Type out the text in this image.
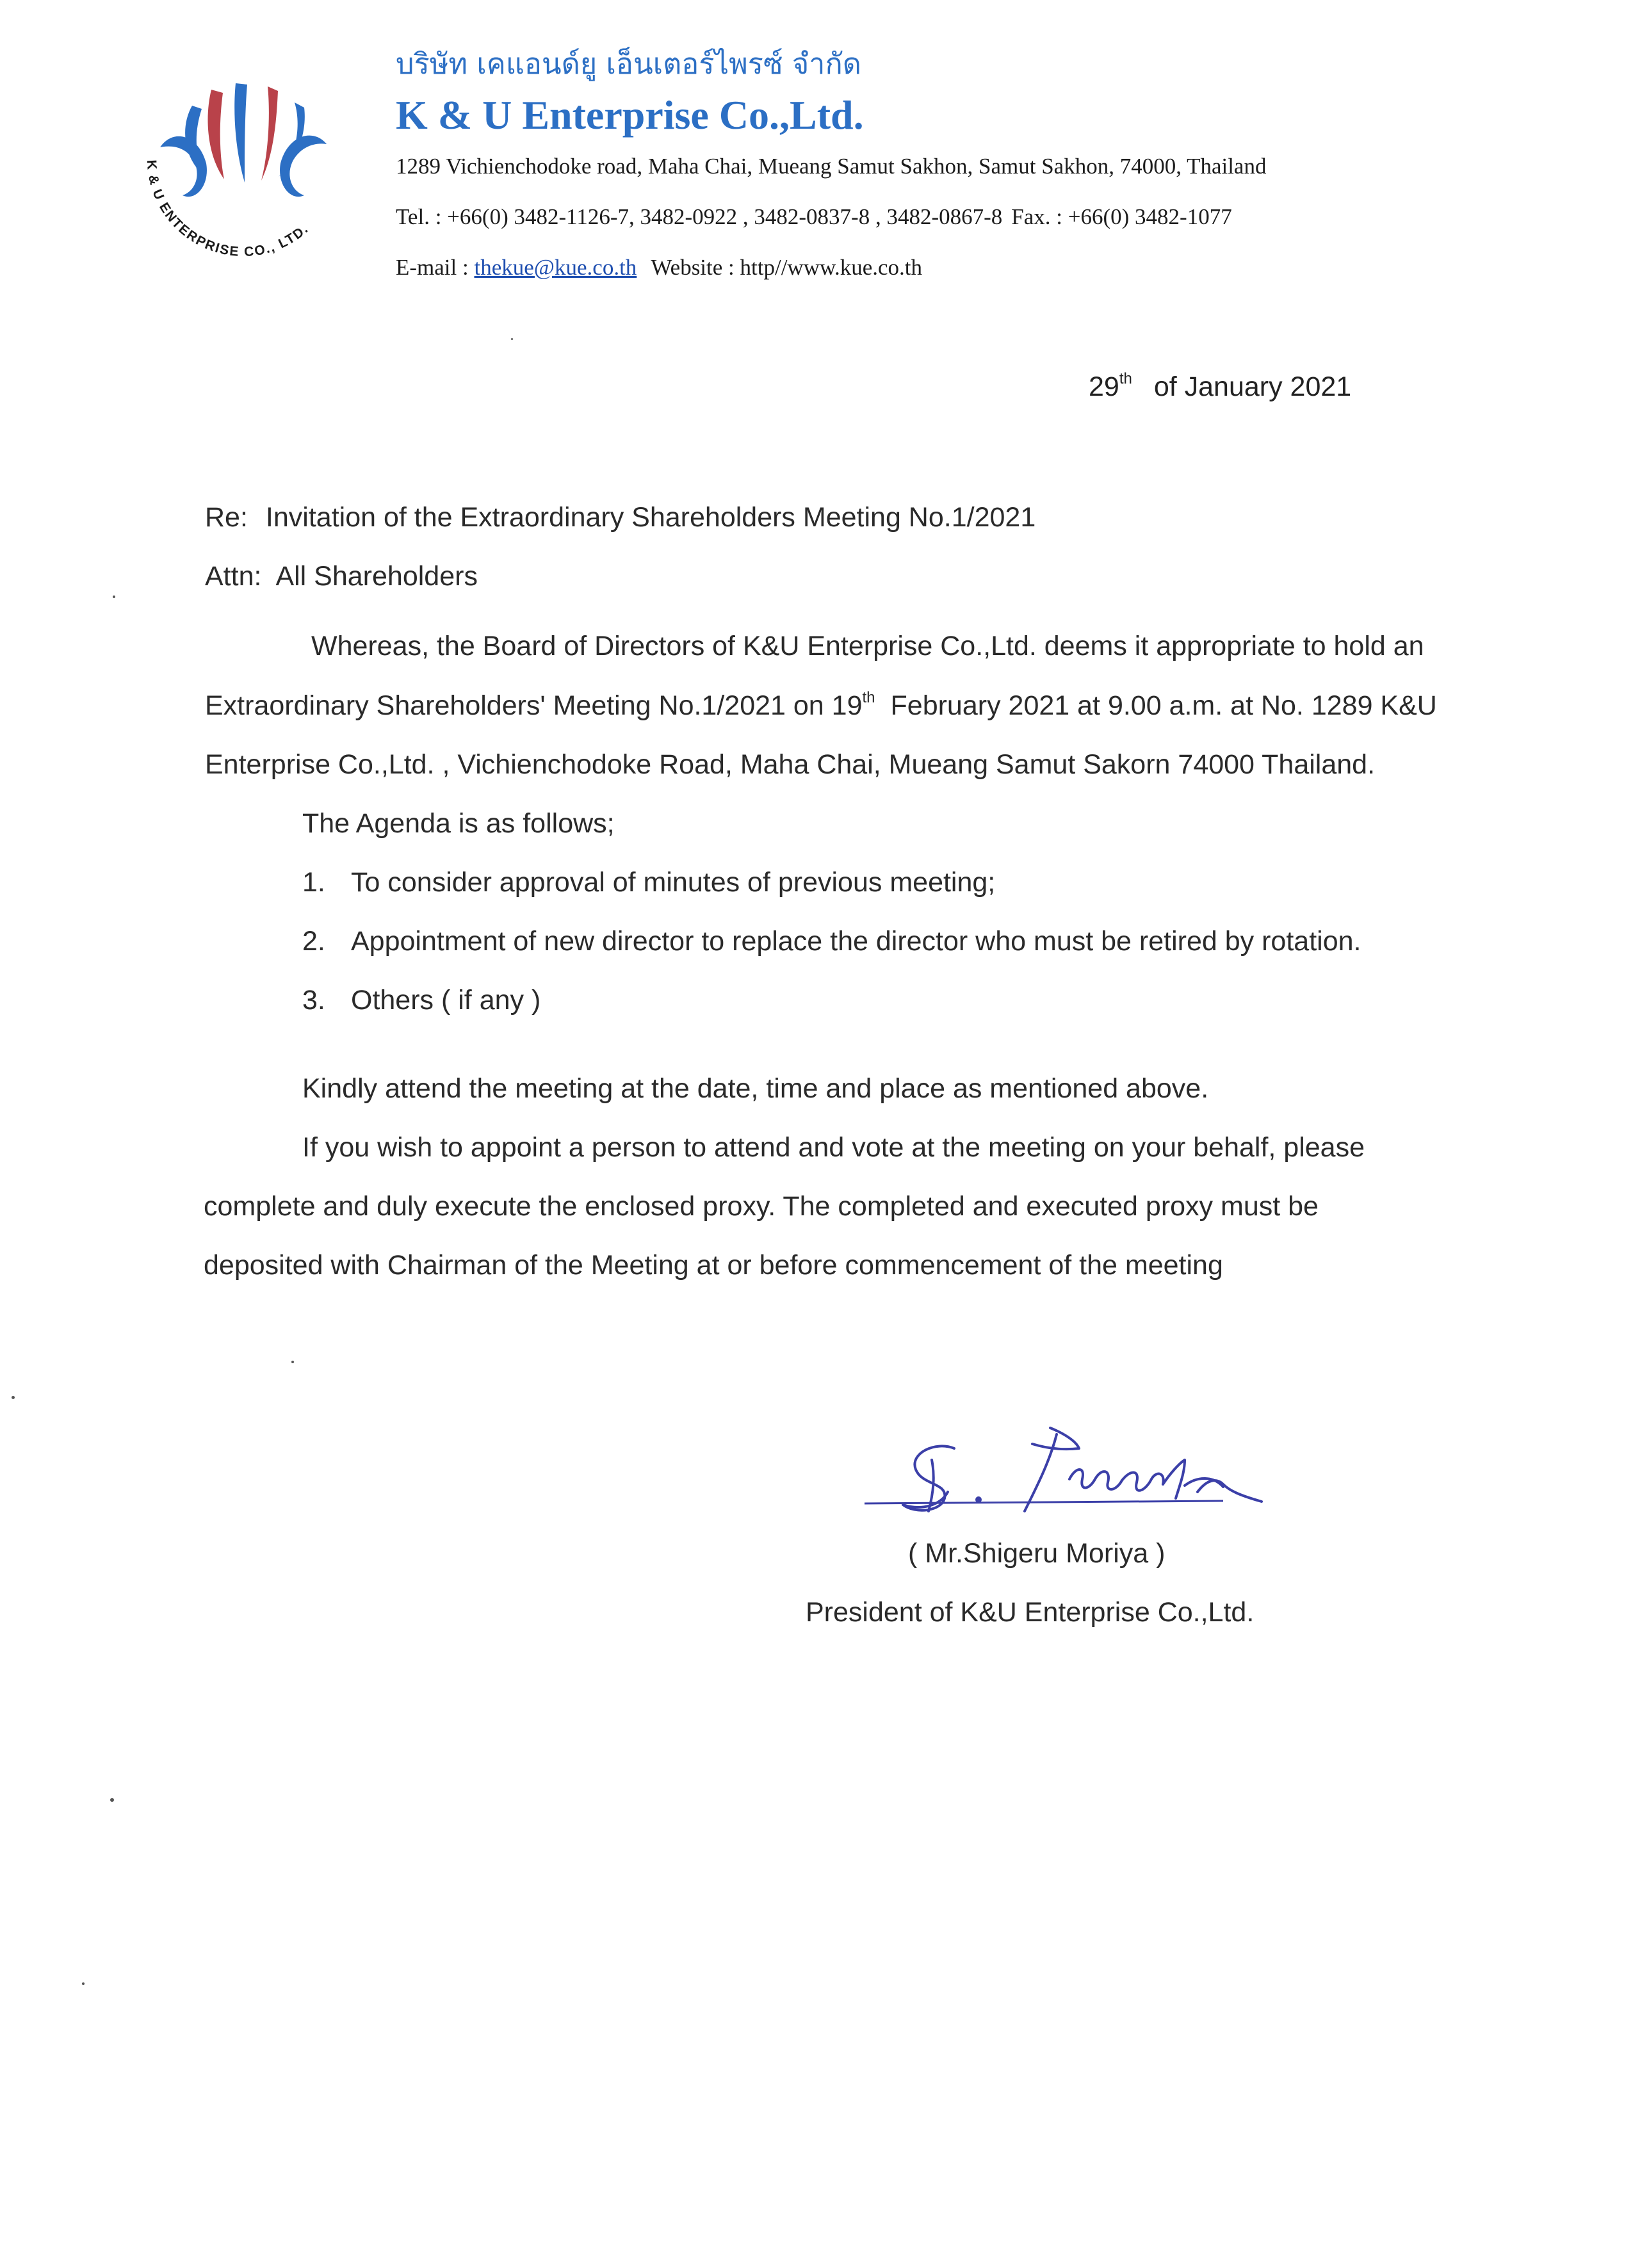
K & U ENTERPRISE CO., LTD.
บริษัท เคแอนด์ยู เอ็นเตอร์ไพรซ์ จำกัด
K & U Enterprise Co.,Ltd.
1289 Vichienchodoke road, Maha Chai, Mueang Samut Sakhon, Samut Sakhon, 74000, Thailand
Tel. : +66(0) 3482-1126-7, 3482-0922 , 3482-0837-8 , 3482-0867-8 Fax. : +66(0) 3482-1077
E-mail : thekue@kue.co.th Website : http//www.kue.co.th
29th of January 2021
Re: Invitation of the Extraordinary Shareholders Meeting No.1/2021
Attn: All Shareholders
Whereas, the Board of Directors of K&U Enterprise Co.,Ltd. deems it appropriate to hold an
Extraordinary Shareholders' Meeting No.1/2021 on 19th February 2021 at 9.00 a.m. at No. 1289 K&U
Enterprise Co.,Ltd. , Vichienchodoke Road, Maha Chai, Mueang Samut Sakorn 74000 Thailand.
The Agenda is as follows;
1. To consider approval of minutes of previous meeting;
2. Appointment of new director to replace the director who must be retired by rotation.
3. Others ( if any )
Kindly attend the meeting at the date, time and place as mentioned above.
If you wish to appoint a person to attend and vote at the meeting on your behalf, please
complete and duly execute the enclosed proxy. The completed and executed proxy must be
deposited with Chairman of the Meeting at or before commencement of the meeting
( Mr.Shigeru Moriya )
President of K&U Enterprise Co.,Ltd.
